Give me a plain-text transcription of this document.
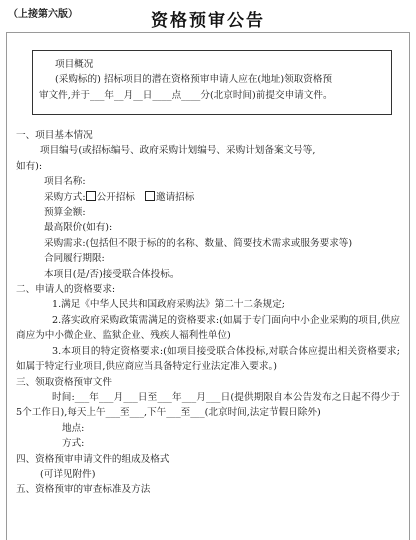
（上接第六版）	资格预审公告
项目概况
(采购标的) 招标项目的潜在资格预审申请人应在(地址)领取资格预
审文件,并于___年__月__日____点____分(北京时间)前提交申请文件。
一、项目基本情况
项目编号(或招标编号、政府采购计划编号、采购计划备案文号等,
如有):
项目名称:
采购方式: 公开招标 邀请招标
预算金额:
最高限价(如有):
采购需求:(包括但不限于标的的名称、数量、简要技术需求或服务要求等)
合同履行期限:
本项目(是/否)接受联合体投标。
二、申请人的资格要求:
1.满足《中华人民共和国政府采购法》第二十二条规定;
2.落实政府采购政策需满足的资格要求:(如属于专门面向中小企业采购的项目,供应商应为中小微企业、监狱企业、残疾人福利性单位)
3.本项目的特定资格要求:(如项目接受联合体投标,对联合体应提出相关资格要求;如属于特定行业项目,供应商应当具备特定行业法定准入要求。)
三、领取资格预审文件
时间:___年___月___日至___年___月___日(提供期限自本公告发布之日起不得少于5个工作日),每天上午___至___,下午___至___(北京时间,法定节假日除外)
地点:
方式:
四、资格预审申请文件的组成及格式
(可详见附件)
五、资格预审的审查标准及方法
